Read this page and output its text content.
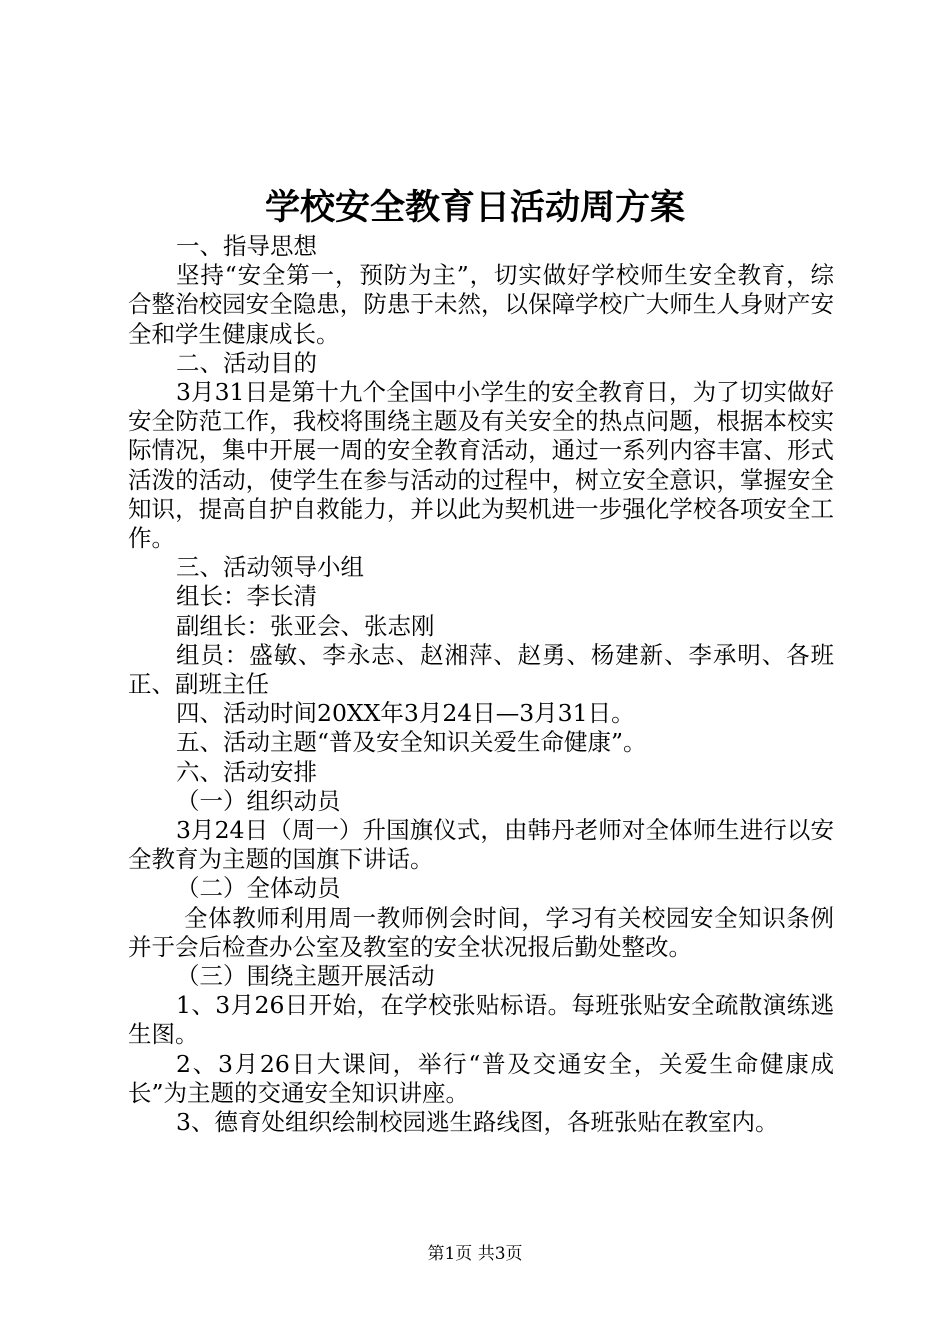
学校安全教育日活动周方案

一、指导思想

坚持“安全第一，预防为主”，切实做好学校师生安全教育，综合整治校园安全隐患，防患于未然，以保障学校广大师生人身财产安全和学生健康成长。

二、活动目的

3月31日是第十九个全国中小学生的安全教育日，为了切实做好安全防范工作，我校将围绕主题及有关安全的热点问题，根据本校实际情况，集中开展一周的安全教育活动，通过一系列内容丰富、形式活泼的活动，使学生在参与活动的过程中，树立安全意识，掌握安全知识，提高自护自救能力，并以此为契机进一步强化学校各项安全工作。

三、活动领导小组

组长：李长清

副组长：张亚会、张志刚

组员：盛敏、李永志、赵湘萍、赵勇、杨建新、李承明、各班正、副班主任

四、活动时间20XX年3月24日—3月31日。

五、活动主题“普及安全知识关爱生命健康”。

六、活动安排

（一）组织动员

3月24日（周一）升国旗仪式，由韩丹老师对全体师生进行以安全教育为主题的国旗下讲话。

（二）全体动员

全体教师利用周一教师例会时间，学习有关校园安全知识条例并于会后检查办公室及教室的安全状况报后勤处整改。

（三）围绕主题开展活动

1、3月26日开始，在学校张贴标语。每班张贴安全疏散演练逃生图。

2、3月26日大课间，举行“普及交通安全，关爱生命健康成长”为主题的交通安全知识讲座。

3、德育处组织绘制校园逃生路线图，各班张贴在教室内。

第1页 共3页
